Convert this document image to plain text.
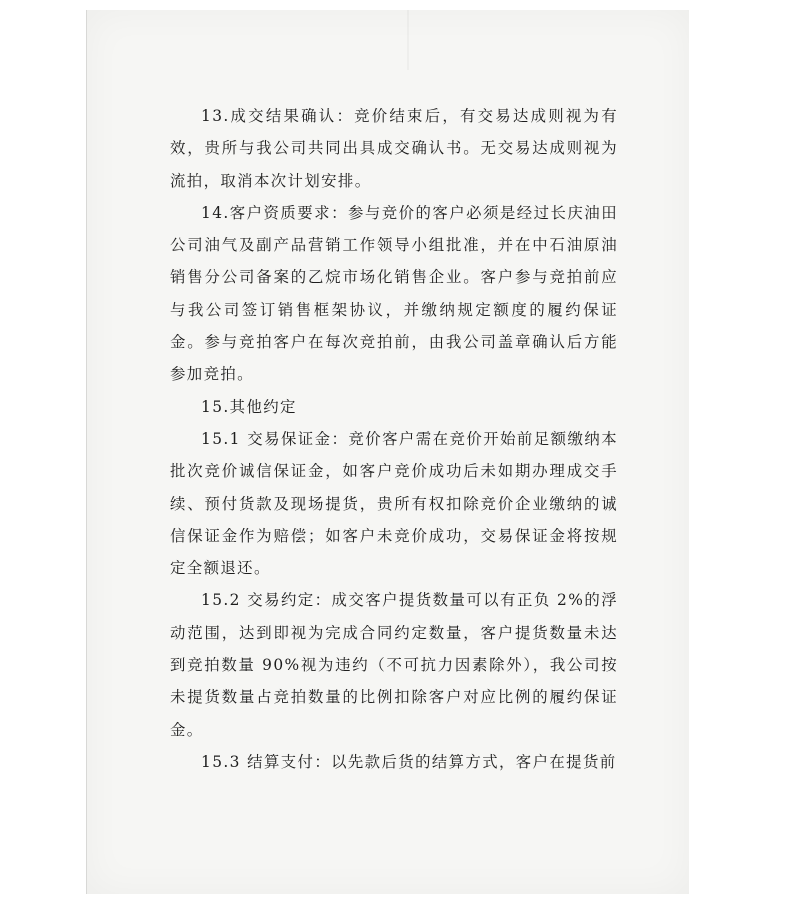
13.成交结果确认：竞价结束后，有交易达成则视为有效，贵所与我公司共同出具成交确认书。无交易达成则视为流拍，取消本次计划安排。

14.客户资质要求：参与竞价的客户必须是经过长庆油田公司油气及副产品营销工作领导小组批准，并在中石油原油销售分公司备案的乙烷市场化销售企业。客户参与竞拍前应与我公司签订销售框架协议，并缴纳规定额度的履约保证金。参与竞拍客户在每次竞拍前，由我公司盖章确认后方能参加竞拍。

15.其他约定

15.1 交易保证金：竞价客户需在竞价开始前足额缴纳本批次竞价诚信保证金，如客户竞价成功后未如期办理成交手续、预付货款及现场提货，贵所有权扣除竞价企业缴纳的诚信保证金作为赔偿；如客户未竞价成功，交易保证金将按规定全额退还。

15.2 交易约定：成交客户提货数量可以有正负 2%的浮动范围，达到即视为完成合同约定数量，客户提货数量未达到竞拍数量 90%视为违约（不可抗力因素除外），我公司按未提货数量占竞拍数量的比例扣除客户对应比例的履约保证金。

15.3 结算支付：以先款后货的结算方式，客户在提货前
